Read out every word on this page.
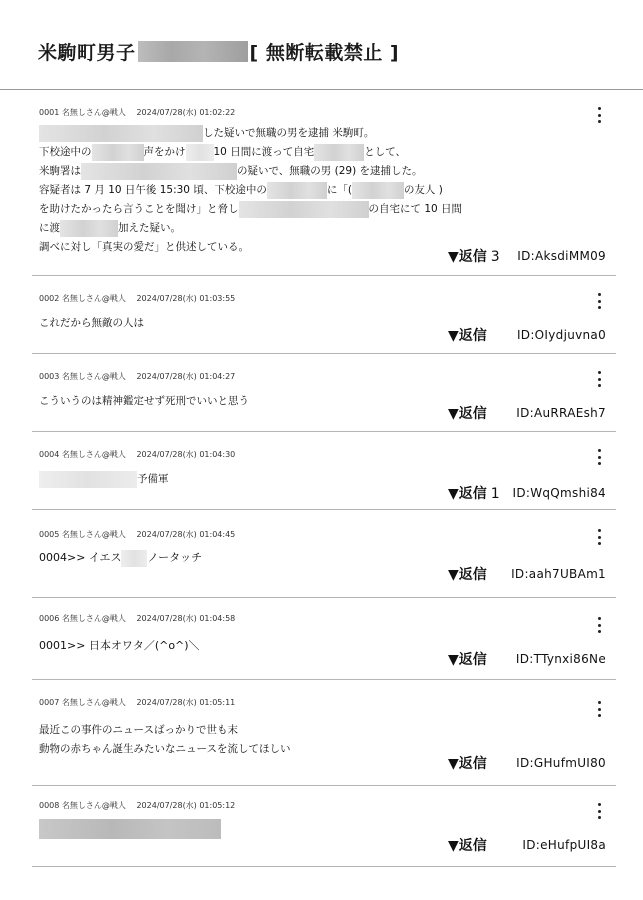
米駒町男子	[ 無断転載禁止 ]
0001 名無しさん@戦人 2024/07/28(水) 01:02:22
した疑いで無職の男を逮捕 米駒町。
下校途中の	声をかけ	10 日間に渡って自宅	として、
米駒署は	の疑いで、無職の男 (29) を逮捕した。
容疑者は 7 月 10 日午後 15:30 頃、下校途中の	に「(	の友人 )
を助けたかったら言うことを聞け」と脅し	の自宅にて 10 日間
に渡	加えた疑い。
調べに対し「真実の愛だ」と供述している。
▼返信 3 ID:AksdiMM09
0002 名無しさん@戦人 2024/07/28(水) 01:03:55
これだから無敵の人は
▼返信	ID:OIydjuvna0
0003 名無しさん@戦人 2024/07/28(水) 01:04:27
こういうのは精神鑑定せず死刑でいいと思う
▼返信	ID:AuRRAEsh7
0004 名無しさん@戦人 2024/07/28(水) 01:04:30
予備軍
▼返信 1 ID:WqQmshi84
0005 名無しさん@戦人 2024/07/28(水) 01:04:45
0004>> イエス ノータッチ
▼返信	ID:aah7UBAm1
0006 名無しさん@戦人 2024/07/28(水) 01:04:58
0001>> 日本オワタ／(^o^)＼
▼返信	ID:TTynxi86Ne
0007 名無しさん@戦人 2024/07/28(水) 01:05:11
最近この事件のニュースばっかりで世も末
動物の赤ちゃん誕生みたいなニュースを流してほしい
▼返信	ID:GHufmUI80
0008 名無しさん@戦人 2024/07/28(水) 01:05:12
▼返信	ID:eHufpUI8a
